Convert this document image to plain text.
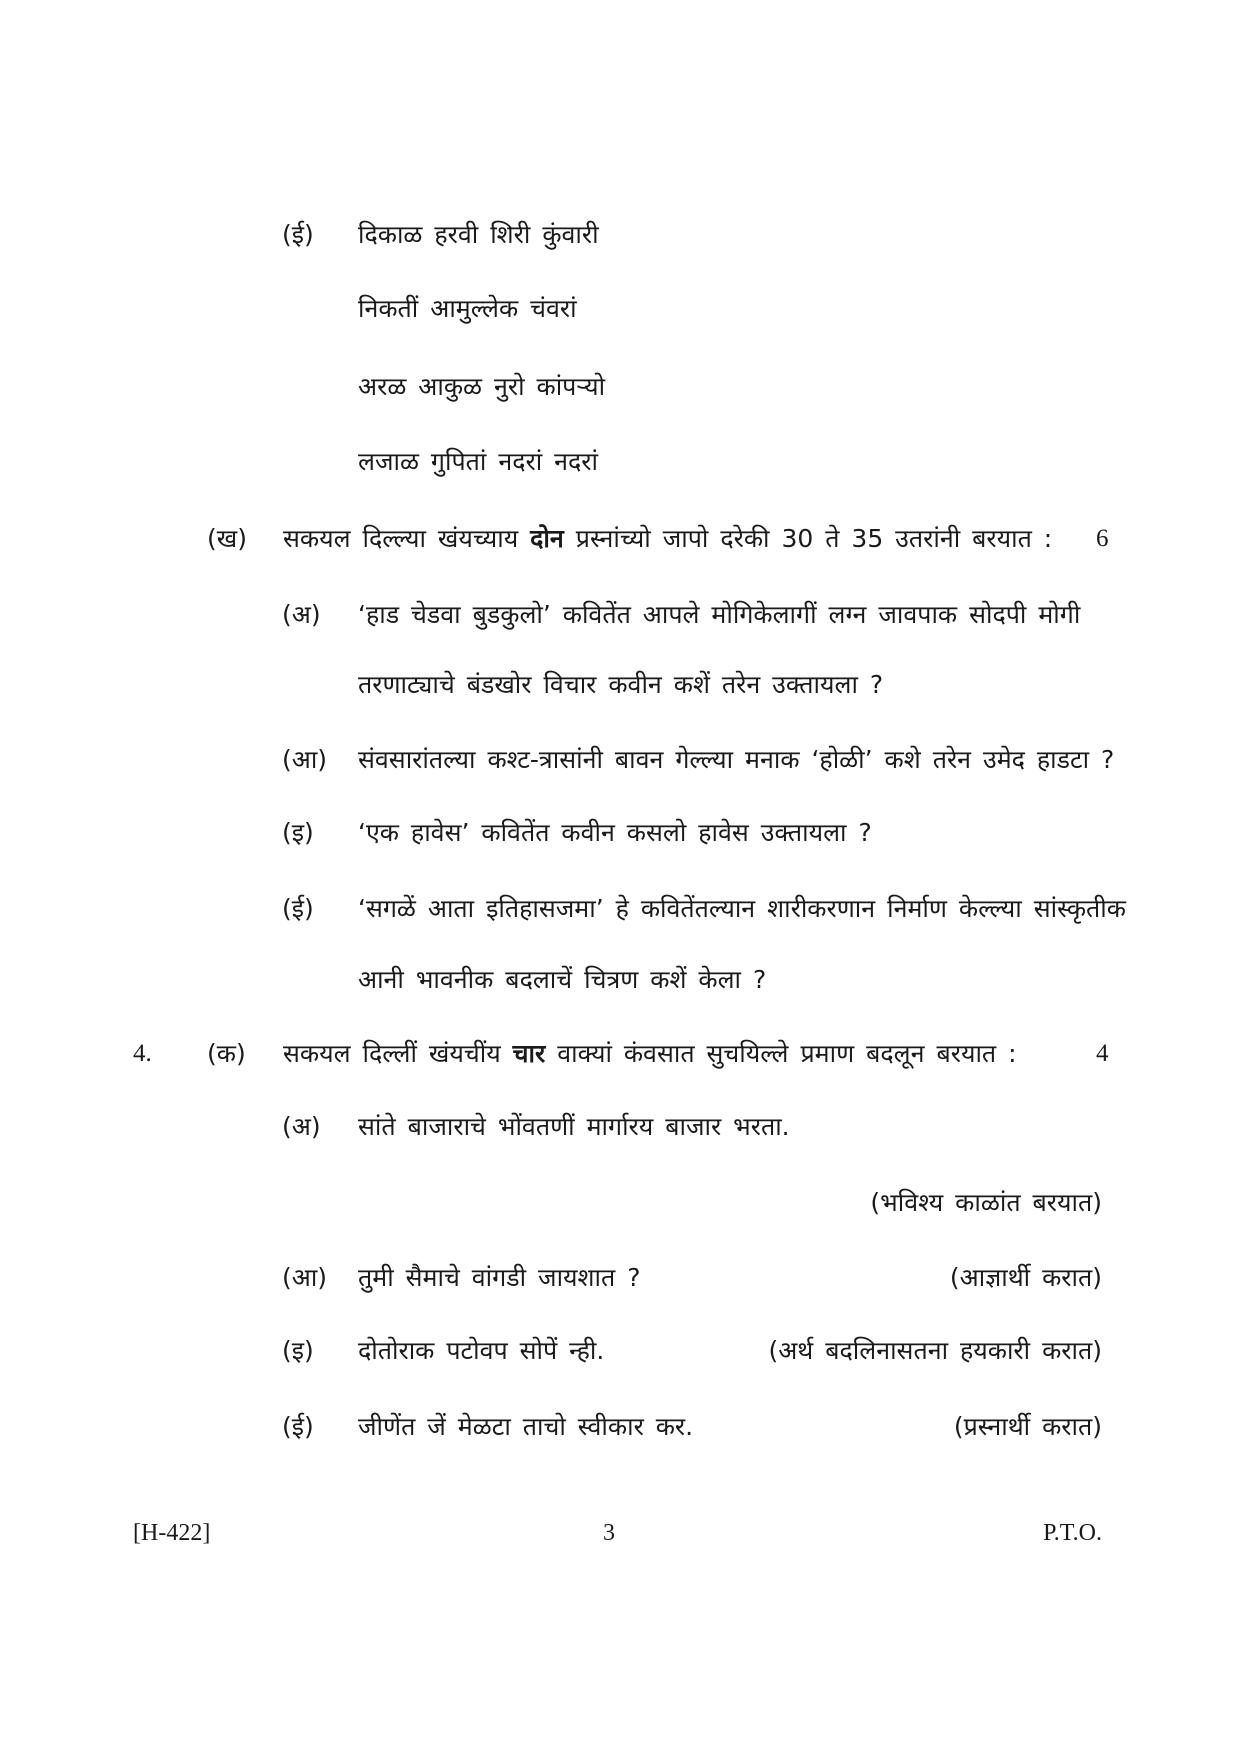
(ई) दिकाळ हरवी शिरी कुंवारी
निकतीं आमुल्लेक चंवरां
अरळ आकुळ नुरो कांपऱ्यो
लजाळ गुपितां नदरां नदरां
(ख) सकयल दिल्ल्या खंयच्याय दोन प्रस्नांच्यो जापो दरेकी 30 ते 35 उतरांनी बरयात : 6
(अ) ‘हाड चेडवा बुडकुलो’ कवितेंत आपले मोगिकेलागीं लग्न जावपाक सोदपी मोगी
तरणाट्याचे बंडखोर विचार कवीन कशें तरेन उक्तायला ?
(आ) संवसारांतल्या कश्ट-त्रासांनी बावन गेल्ल्या मनाक ‘होळी’ कशे तरेन उमेद हाडटा ?
(इ) ‘एक हावेस’ कवितेंत कवीन कसलो हावेस उक्तायला ?
(ई) ‘सगळें आता इतिहासजमा’ हे कवितेंतल्यान शारीकरणान निर्माण केल्ल्या सांस्कृतीक
आनी भावनीक बदलाचें चित्रण कशें केला ?
4. (क) सकयल दिल्लीं खंयचींय चार वाक्यां कंवसात सुचयिल्ले प्रमाण बदलून बरयात :	4
(अ) सांते बाजाराचे भोंवतणीं मार्गारय बाजार भरता.
(भविश्य काळांत बरयात)
(आ) तुमी सैमाचे वांगडी जायशात ?	(आज्ञार्थी करात)
(इ) दोतोराक पटोवप सोपें न्ही.	(अर्थ बदलिनासतना हयकारी करात)
(ई) जीणेंत जें मेळटा ताचो स्वीकार कर.	(प्रस्नार्थी करात)
[H-422]	3	P.T.O.
